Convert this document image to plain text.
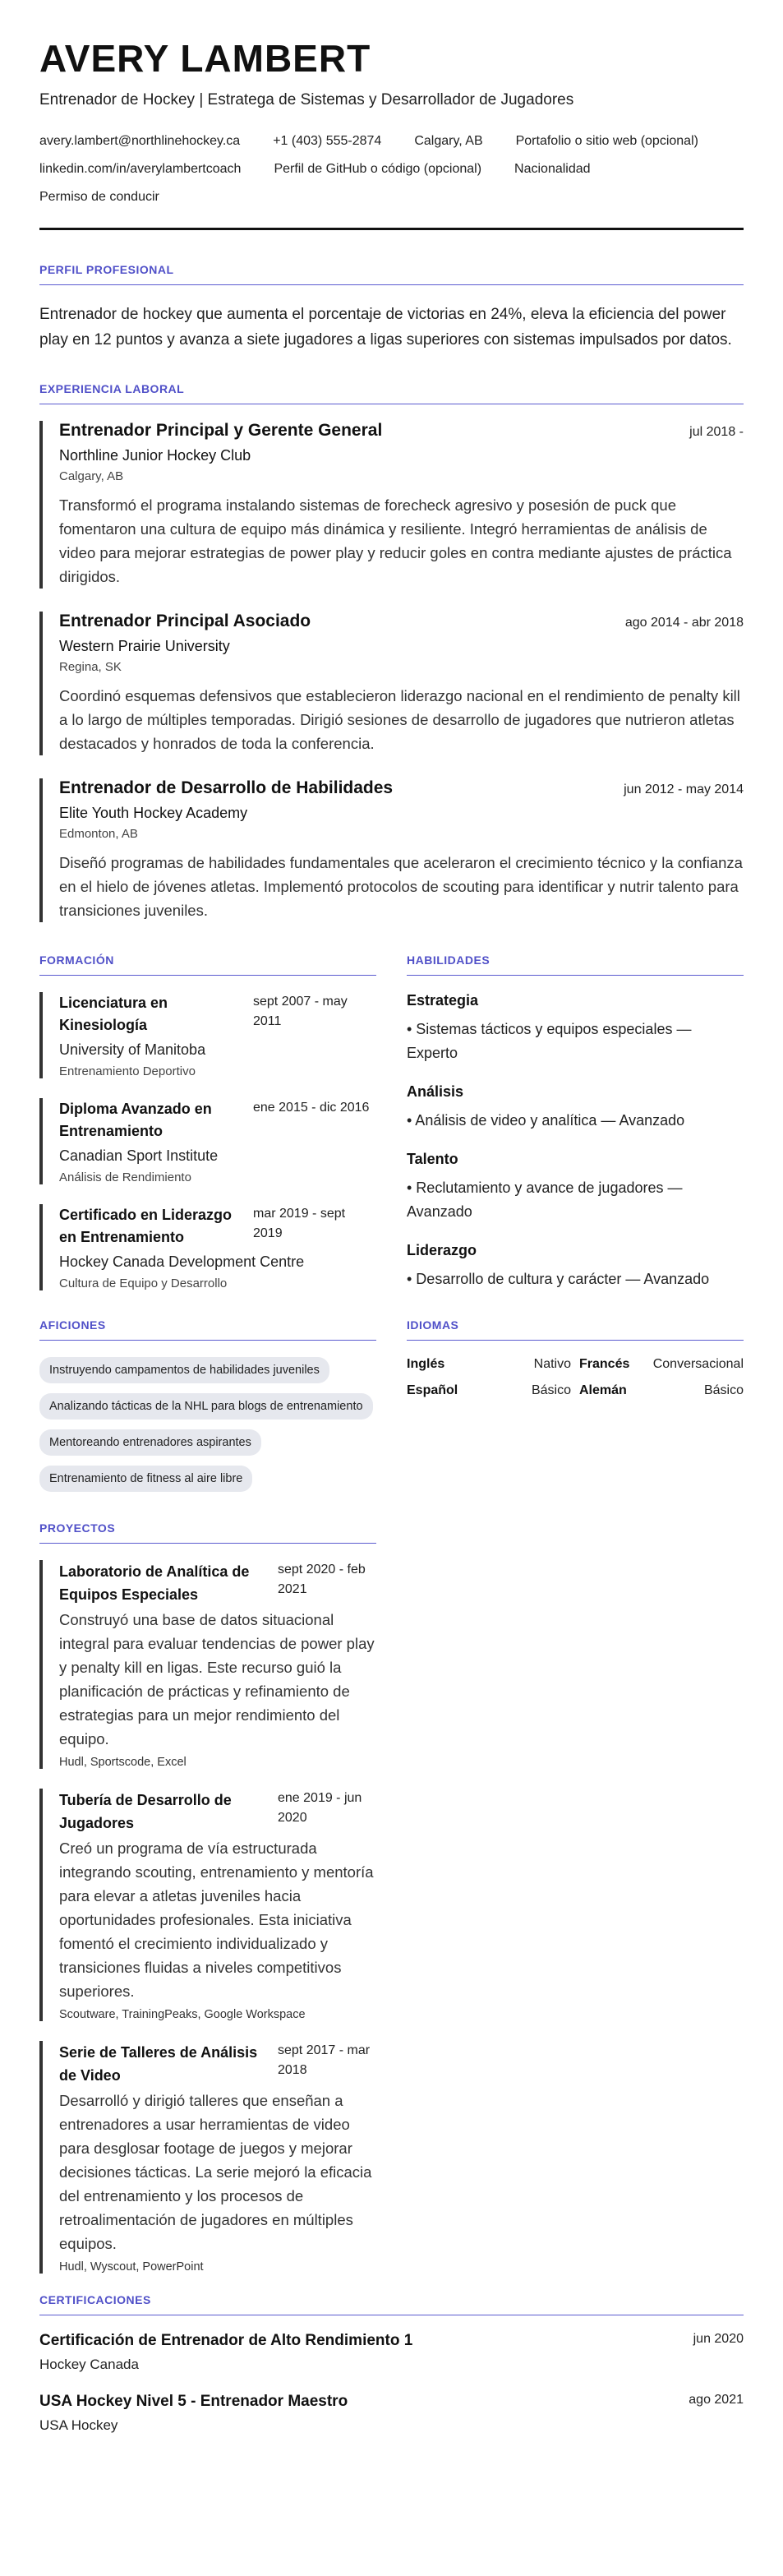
AVERY LAMBERT
Entrenador de Hockey | Estratega de Sistemas y Desarrollador de Jugadores
avery.lambert@northlinehockey.ca	+1 (403) 555-2874	Calgary, AB	Portafolio o sitio web (opcional)
linkedin.com/in/averylambertcoach	Perfil de GitHub o código (opcional)	Nacionalidad
Permiso de conducir
PERFIL PROFESIONAL

Entrenador de hockey que aumenta el porcentaje de victorias en 24%, eleva la eficiencia del power play en 12 puntos y avanza a siete jugadores a ligas superiores con sistemas impulsados por datos.

EXPERIENCIA LABORAL
Entrenador Principal y Gerente General	jul 2018 -
Northline Junior Hockey Club
Calgary, AB

Transformó el programa instalando sistemas de forecheck agresivo y posesión de puck que fomentaron una cultura de equipo más dinámica y resiliente. Integró herramientas de análisis de video para mejorar estrategias de power play y reducir goles en contra mediante ajustes de práctica dirigidos.

Entrenador Principal Asociado	ago 2014 - abr 2018
Western Prairie University
Regina, SK

Coordinó esquemas defensivos que establecieron liderazgo nacional en el rendimiento de penalty kill a lo largo de múltiples temporadas. Dirigió sesiones de desarrollo de jugadores que nutrieron atletas destacados y honrados de toda la conferencia.

Entrenador de Desarrollo de Habilidades	jun 2012 - may 2014
Elite Youth Hockey Academy
Edmonton, AB

Diseñó programas de habilidades fundamentales que aceleraron el crecimiento técnico y la confianza en el hielo de jóvenes atletas. Implementó protocolos de scouting para identificar y nutrir talento para transiciones juveniles.

FORMACIÓN
Licenciatura en Kinesiología
sept 2007 - may 2011
University of Manitoba
Entrenamiento Deportivo
Diploma Avanzado en Entrenamiento
ene 2015 - dic 2016
Canadian Sport Institute
Análisis de Rendimiento
Certificado en Liderazgo en Entrenamiento
mar 2019 - sept 2019
Hockey Canada Development Centre
Cultura de Equipo y Desarrollo
HABILIDADES
Estrategia
• Sistemas tácticos y equipos especiales — Experto
Análisis
• Análisis de video y analítica — Avanzado
Talento
• Reclutamiento y avance de jugadores — Avanzado
Liderazgo
• Desarrollo de cultura y carácter — Avanzado
AFICIONES
Instruyendo campamentos de habilidades juveniles
Analizando tácticas de la NHL para blogs de entrenamiento
Mentoreando entrenadores aspirantes
Entrenamiento de fitness al aire libre
IDIOMAS
Inglés	Nativo Francés Conversacional
Español	Básico Alemán	Básico
PROYECTOS
Laboratorio de Analítica de Equipos Especiales
sept 2020 - feb 2021

Construyó una base de datos situacional integral para evaluar tendencias de power play y penalty kill en ligas. Este recurso guió la planificación de prácticas y refinamiento de estrategias para un mejor rendimiento del equipo.

Hudl, Sportscode, Excel
Tubería de Desarrollo de Jugadores
ene 2019 - jun 2020

Creó un programa de vía estructurada integrando scouting, entrenamiento y mentoría para elevar a atletas juveniles hacia oportunidades profesionales. Esta iniciativa fomentó el crecimiento individualizado y transiciones fluidas a niveles competitivos superiores.

Scoutware, TrainingPeaks, Google Workspace
Serie de Talleres de Análisis de Video
sept 2017 - mar 2018

Desarrolló y dirigió talleres que enseñan a entrenadores a usar herramientas de video para desglosar footage de juegos y mejorar decisiones tácticas. La serie mejoró la eficacia del entrenamiento y los procesos de retroalimentación de jugadores en múltiples equipos.

Hudl, Wyscout, PowerPoint
CERTIFICACIONES
Certificación de Entrenador de Alto Rendimiento 1
Hockey Canada
jun 2020
USA Hockey Nivel 5 - Entrenador Maestro
USA Hockey
ago 2021
